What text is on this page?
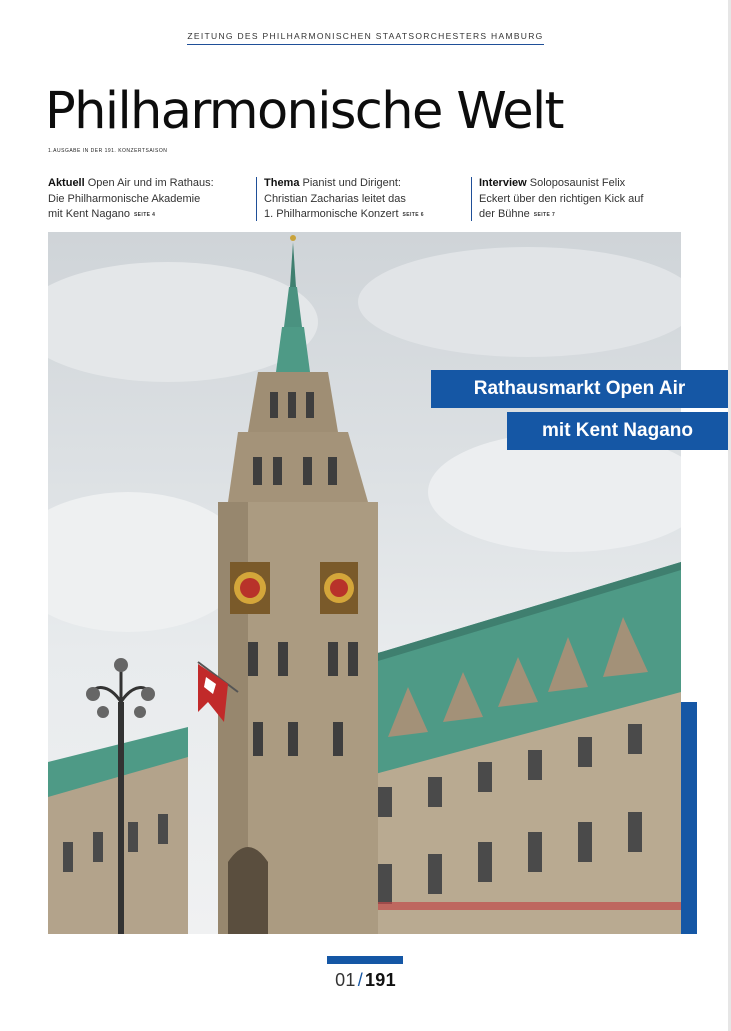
ZEITUNG DES PHILHARMONISCHEN STAATSORCHESTERS HAMBURG
Philharmonische Welt
1.AUSGABE IN DER 191. KONZERTSAISON
Aktuell Open Air und im Rathaus:
Die Philharmonische Akademie
mit Kent Nagano SEITE 4
Thema Pianist und Dirigent:
Christian Zacharias leitet das
1. Philharmonische Konzert SEITE 6
Interview Soloposaunist Felix
Eckert über den richtigen Kick auf
der Bühne SEITE 7
Rathausmarkt Open Air
mit Kent Nagano
01 / 191
